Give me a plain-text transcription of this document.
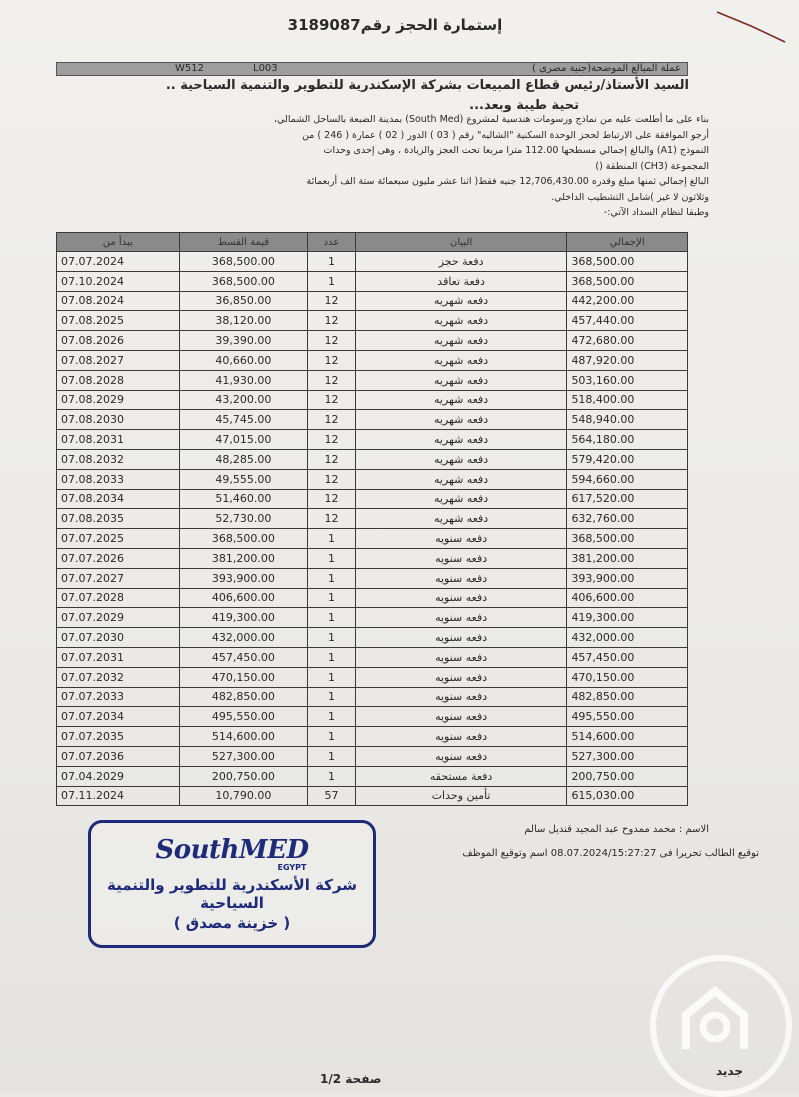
إستمارة الحجز رقم3189087
W512	L003	عملة المبالغ الموضحة(جنية مصرى )
السيد الأستاذ/رئيس قطاع المبيعات بشركة الإسكندرية للتطوير والتنمية السياحية ..
تحية طيبة وبعد...
بناء على ما أطلعت عليه من نماذج ورسومات هندسية لمشروع (South Med) بمدينة الضبعة بالساحل الشمالي،
أرجو الموافقة على الارتباط لحجز الوحدة السكنية "الشاليه" رقم ( 03 ) الدور ( 02 ) عمارة ( 246 ) من
النموذج (A1) والبالغ إجمالي مسطحها 112.00 مترا مربعا تحت العجز والزيادة ، وهى إحدى وحدات
المجموعة (CH3) المنطقة ()
البالغ إجمالي ثمنها مبلغ وقدره 12,706,430.00 جنيه فقط( اثنا عشر مليون سبعمائة ستة الف أربعمائة
وثلاثون لا غير )شامل التشطيب الداخلي.
وطبقا لنظام السداد الآتي:-
يبدأ من	قيمة القسط	عدد	البيان	الإجمالي
07.07.2024	368,500.00	1	دفعة حجز	368,500.00
07.10.2024	368,500.00	1	دفعة تعاقد	368,500.00
07.08.2024	36,850.00	12	دفعه شهريه	442,200.00
07.08.2025	38,120.00	12	دفعه شهريه	457,440.00
07.08.2026	39,390.00	12	دفعه شهريه	472,680.00
07.08.2027	40,660.00	12	دفعه شهريه	487,920.00
07.08.2028	41,930.00	12	دفعه شهريه	503,160.00
07.08.2029	43,200.00	12	دفعه شهريه	518,400.00
07.08.2030	45,745.00	12	دفعه شهريه	548,940.00
07.08.2031	47,015.00	12	دفعه شهريه	564,180.00
07.08.2032	48,285.00	12	دفعه شهريه	579,420.00
07.08.2033	49,555.00	12	دفعه شهريه	594,660.00
07.08.2034	51,460.00	12	دفعه شهريه	617,520.00
07.08.2035	52,730.00	12	دفعه شهريه	632,760.00
07.07.2025	368,500.00	1	دفعه سنويه	368,500.00
07.07.2026	381,200.00	1	دفعه سنويه	381,200.00
07.07.2027	393,900.00	1	دفعه سنويه	393,900.00
07.07.2028	406,600.00	1	دفعه سنويه	406,600.00
07.07.2029	419,300.00	1	دفعه سنويه	419,300.00
07.07.2030	432,000.00	1	دفعه سنويه	432,000.00
07.07.2031	457,450.00	1	دفعه سنويه	457,450.00
07.07.2032	470,150.00	1	دفعه سنويه	470,150.00
07.07.2033	482,850.00	1	دفعه سنويه	482,850.00
07.07.2034	495,550.00	1	دفعه سنويه	495,550.00
07.07.2035	514,600.00	1	دفعه سنويه	514,600.00
07.07.2036	527,300.00	1	دفعه سنويه	527,300.00
07.04.2029	200,750.00	1	دفعة مستحقه	200,750.00
07.11.2024	10,790.00	57	تأمين وحدات	615,030.00
الاسم : محمد ممدوح عبد المجيد قنديل سالم
توقيع الطالب تحريرا فى 08.07.2024/15:27:27 اسم وتوقيع الموظف
SouthMED
EGYPT
شركة الأسكندرية للتطوير والتنمية السياحية
( خزينة مصدق )
جديد
صفحة 1/2
